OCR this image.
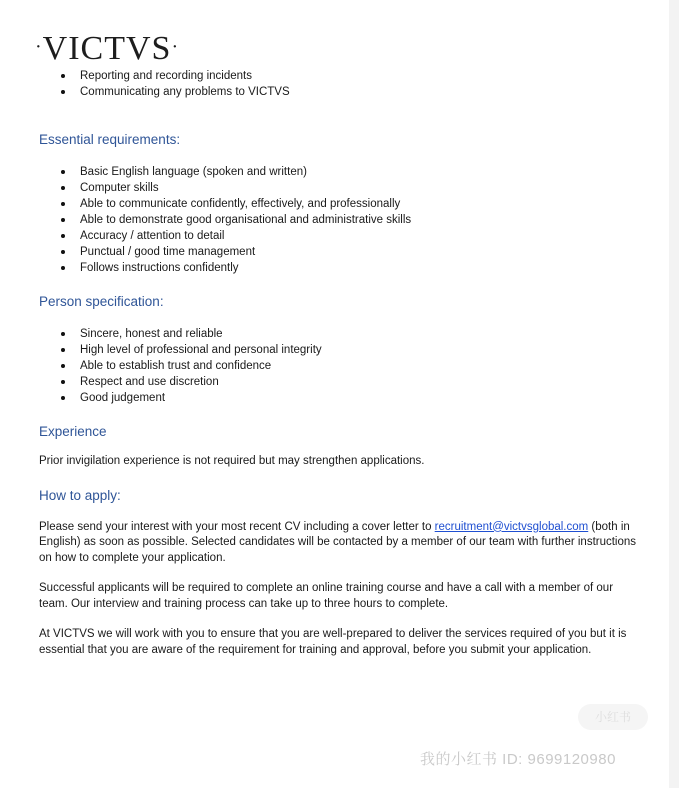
·VICTVS·
Reporting and recording incidents
Communicating any problems to VICTVS
Essential requirements:
Basic English language (spoken and written)
Computer skills
Able to communicate confidently, effectively, and professionally
Able to demonstrate good organisational and administrative skills
Accuracy / attention to detail
Punctual / good time management
Follows instructions confidently
Person specification:
Sincere, honest and reliable
High level of professional and personal integrity
Able to establish trust and confidence
Respect and use discretion
Good judgement
Experience

Prior invigilation experience is not required but may strengthen applications.

How to apply:

Please send your interest with your most recent CV including a cover letter to recruitment@victvsglobal.com (both in English) as soon as possible. Selected candidates will be contacted by a member of our team with further instructions on how to complete your application.

Successful applicants will be required to complete an online training course and have a call with a member of our team. Our interview and training process can take up to three hours to complete.

At VICTVS we will work with you to ensure that you are well-prepared to deliver the services required of you but it is essential that you are aware of the requirement for training and approval, before you submit your application.

小红书
我的小红书 ID: 9699120980
